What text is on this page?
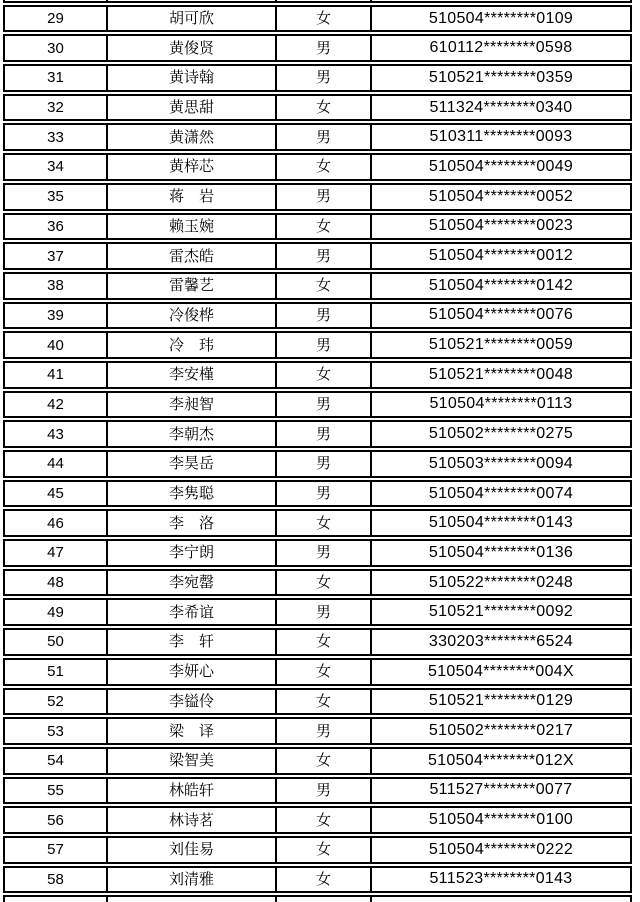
29	胡可欣	女	510504********0109
30	黄俊贤	男	610112********0598
31	黄诗翰	男	510521********0359
32	黄思甜	女	511324********0340
33	黄潇然	男	510311********0093
34	黄梓芯	女	510504********0049
35	蒋　岩	男	510504********0052
36	赖玉婉	女	510504********0023
37	雷杰皓	男	510504********0012
38	雷馨艺	女	510504********0142
39	冷俊桦	男	510504********0076
40	冷　玮	男	510521********0059
41	李安槿	女	510521********0048
42	李昶智	男	510504********0113
43	李朝杰	男	510502********0275
44	李昊岳	男	510503********0094
45	李隽聪	男	510504********0074
46	李　洛	女	510504********0143
47	李宁朗	男	510504********0136
48	李宛罄	女	510522********0248
49	李希谊	男	510521********0092
50	李　轩	女	330203********6524
51	李妍心	女	510504********004X
52	李镒伶	女	510521********0129
53	梁　译	男	510502********0217
54	梁智美	女	510504********012X
55	林皓轩	男	511527********0077
56	林诗茗	女	510504********0100
57	刘佳易	女	510504********0222
58	刘清雅	女	511523********0143
